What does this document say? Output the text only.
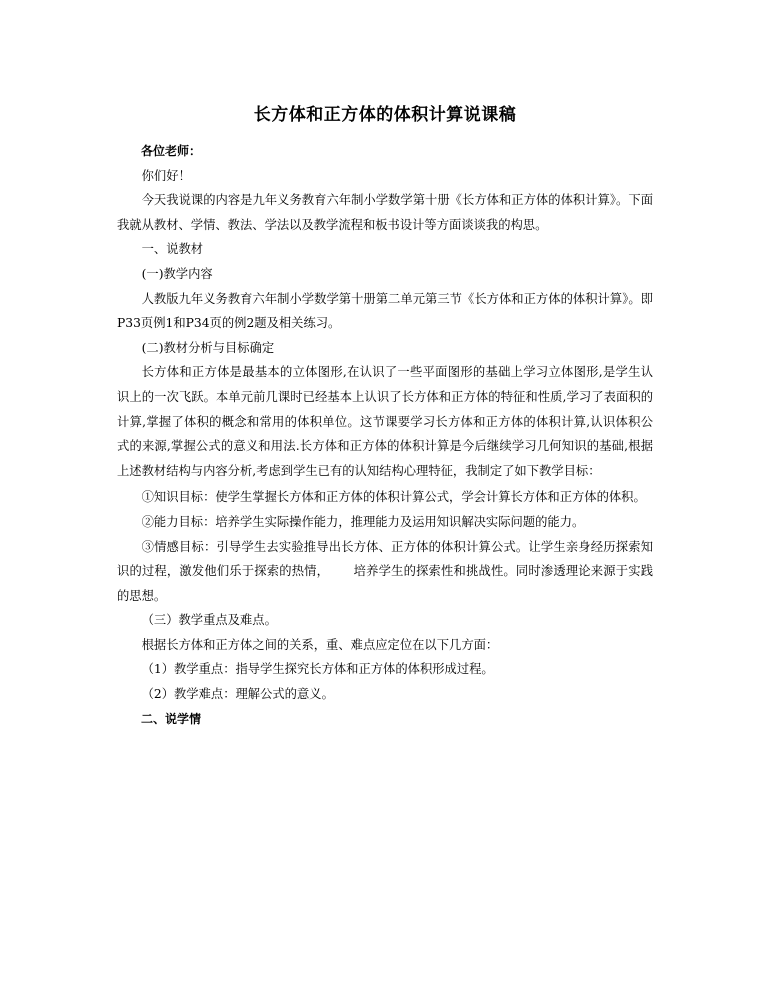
长方体和正方体的体积计算说课稿

各位老师：

你们好！

今天我说课的内容是九年义务教育六年制小学数学第十册《长方体和正方体的体积计算》。下面我就从教材、学情、教法、学法以及教学流程和板书设计等方面谈谈我的构思。

一、说教材

(一)教学内容

人教版九年义务教育六年制小学数学第十册第二单元第三节《长方体和正方体的体积计算》。即P33页例1和P34页的例2题及相关练习。

(二)教材分析与目标确定

长方体和正方体是最基本的立体图形,在认识了一些平面图形的基础上学习立体图形,是学生认识上的一次飞跃。本单元前几课时已经基本上认识了长方体和正方体的特征和性质,学习了表面积的计算,掌握了体积的概念和常用的体积单位。这节课要学习长方体和正方体的体积计算,认识体积公式的来源,掌握公式的意义和用法.长方体和正方体的体积计算是今后继续学习几何知识的基础,根据上述教材结构与内容分析,考虑到学生已有的认知结构心理特征，我制定了如下教学目标：

①知识目标：使学生掌握长方体和正方体的体积计算公式，学会计算长方体和正方体的体积。

②能力目标：培养学生实际操作能力，推理能力及运用知识解决实际问题的能力。

③情感目标：引导学生去实验推导出长方体、正方体的体积计算公式。让学生亲身经历探索知识的过程，激发他们乐于探索的热情，      培养学生的探索性和挑战性。同时渗透理论来源于实践的思想。

（三）教学重点及难点。

根据长方体和正方体之间的关系，重、难点应定位在以下几方面：

（1）教学重点：指导学生探究长方体和正方体的体积形成过程。

（2）教学难点：理解公式的意义。

二、说学情
